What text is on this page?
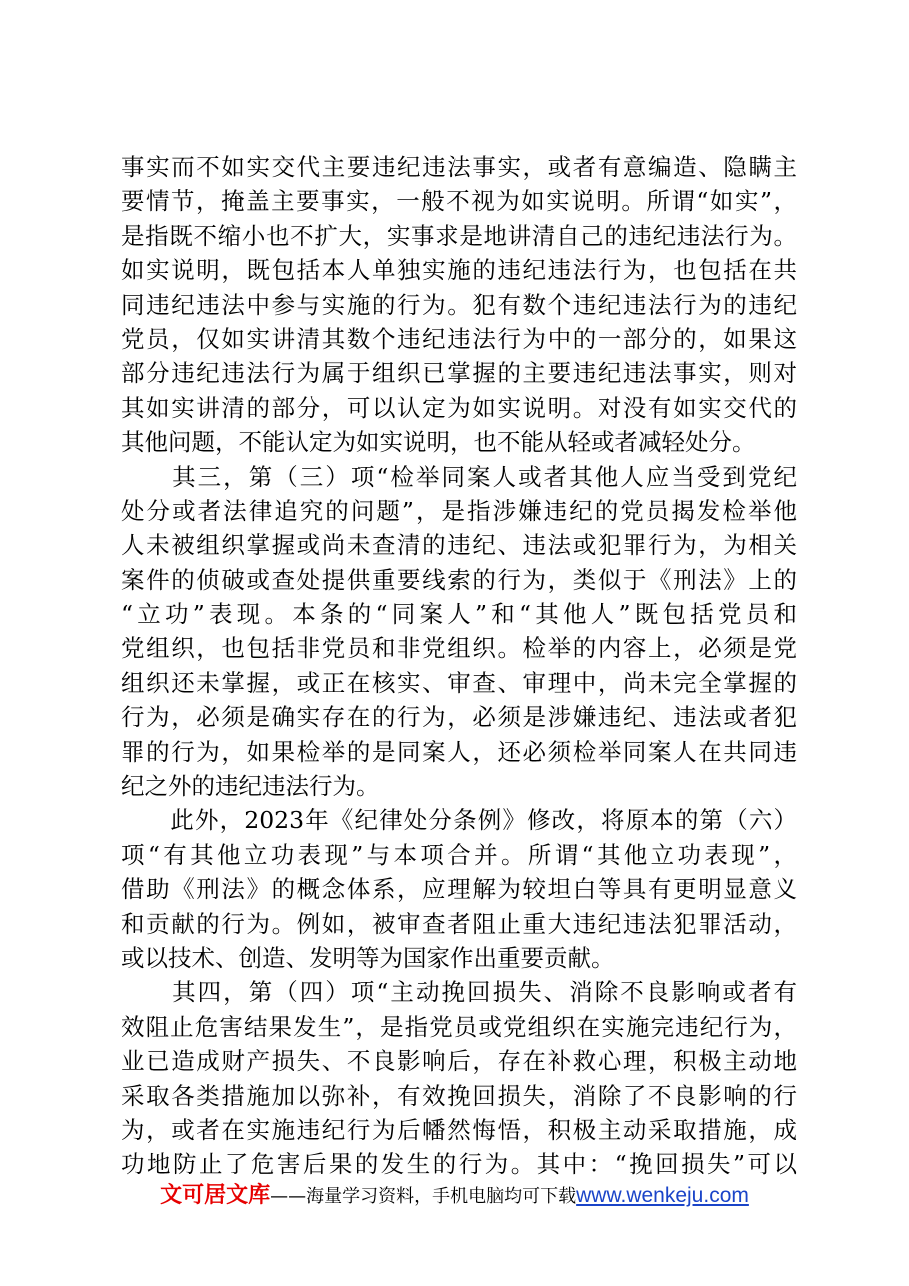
事实而不如实交代主要违纪违法事实，或者有意编造、隐瞒主
要情节，掩盖主要事实，一般不视为如实说明。所谓“如实”，
是指既不缩小也不扩大，实事求是地讲清自己的违纪违法行为。
如实说明，既包括本人单独实施的违纪违法行为，也包括在共
同违纪违法中参与实施的行为。犯有数个违纪违法行为的违纪
党员，仅如实讲清其数个违纪违法行为中的一部分的，如果这
部分违纪违法行为属于组织已掌握的主要违纪违法事实，则对
其如实讲清的部分，可以认定为如实说明。对没有如实交代的
其他问题，不能认定为如实说明，也不能从轻或者减轻处分。
　　其三，第（三）项“检举同案人或者其他人应当受到党纪
处分或者法律追究的问题”，是指涉嫌违纪的党员揭发检举他
人未被组织掌握或尚未查清的违纪、违法或犯罪行为，为相关
案件的侦破或查处提供重要线索的行为，类似于《刑法》上的
“立功”表现。本条的“同案人”和“其他人”既包括党员和
党组织，也包括非党员和非党组织。检举的内容上，必须是党
组织还未掌握，或正在核实、审查、审理中，尚未完全掌握的
行为，必须是确实存在的行为，必须是涉嫌违纪、违法或者犯
罪的行为，如果检举的是同案人，还必须检举同案人在共同违
纪之外的违纪违法行为。
　　此外，2023年《纪律处分条例》修改，将原本的第（六）
项“有其他立功表现”与本项合并。所谓“其他立功表现”，
借助《刑法》的概念体系，应理解为较坦白等具有更明显意义
和贡献的行为。例如，被审查者阻止重大违纪违法犯罪活动，
或以技术、创造、发明等为国家作出重要贡献。
　　其四，第（四）项“主动挽回损失、消除不良影响或者有
效阻止危害结果发生”，是指党员或党组织在实施完违纪行为，
业已造成财产损失、不良影响后，存在补救心理，积极主动地
采取各类措施加以弥补，有效挽回损失，消除了不良影响的行
为，或者在实施违纪行为后幡然悔悟，积极主动采取措施，成
功地防止了危害后果的发生的行为。其中：“挽回损失”可以
文可居文库——海量学习资料，手机电脑均可下载www.wenkeju.com
